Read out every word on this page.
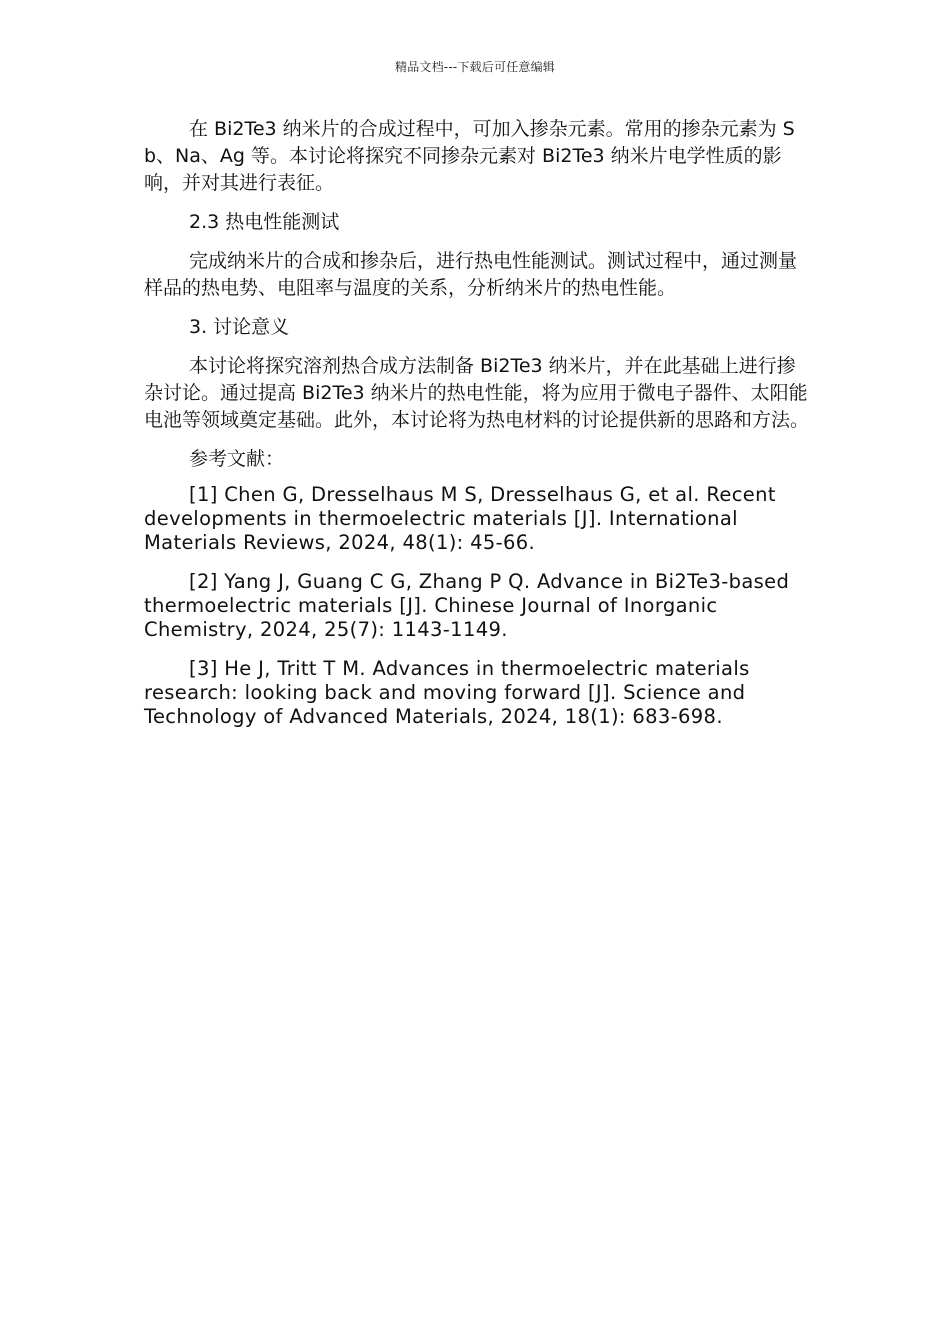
精品文档---下载后可任意编辑

在 Bi2Te3 纳米片的合成过程中，可加入掺杂元素。常用的掺杂元素为 Sb、Na、Ag 等。本讨论将探究不同掺杂元素对 Bi2Te3 纳米片电学性质的影响，并对其进行表征。

2.3 热电性能测试

完成纳米片的合成和掺杂后，进行热电性能测试。测试过程中，通过测量样品的热电势、电阻率与温度的关系，分析纳米片的热电性能。

3. 讨论意义

本讨论将探究溶剂热合成方法制备 Bi2Te3 纳米片，并在此基础上进行掺杂讨论。通过提高 Bi2Te3 纳米片的热电性能，将为应用于微电子器件、太阳能电池等领域奠定基础。此外，本讨论将为热电材料的讨论提供新的思路和方法。

参考文献：

[1] Chen G, Dresselhaus M S, Dresselhaus G, et al. Recent developments in thermoelectric materials [J]. International Materials Reviews, 2024, 48(1): 45-66.

[2] Yang J, Guang C G, Zhang P Q. Advance in Bi2Te3-based thermoelectric materials [J]. Chinese Journal of Inorganic Chemistry, 2024, 25(7): 1143-1149.

[3] He J, Tritt T M. Advances in thermoelectric materials research: looking back and moving forward [J]. Science and Technology of Advanced Materials, 2024, 18(1): 683-698.
